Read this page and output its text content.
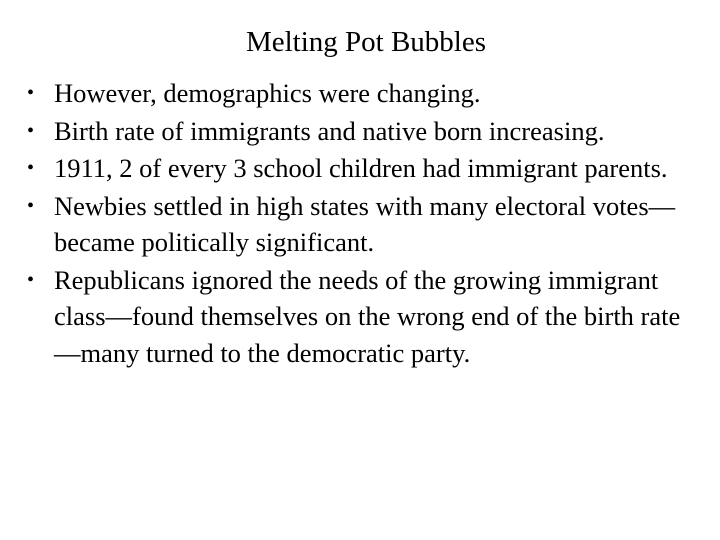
Melting Pot Bubbles
• However, demographics were changing.
• Birth rate of immigrants and native born increasing.
• 1911, 2 of every 3 school children had immigrant parents.
• Newbies settled in high states with many electoral votes—became politically significant.
• Republicans ignored the needs of the growing immigrant class—found themselves on the wrong end of the birth rate—many turned to the democratic party.
